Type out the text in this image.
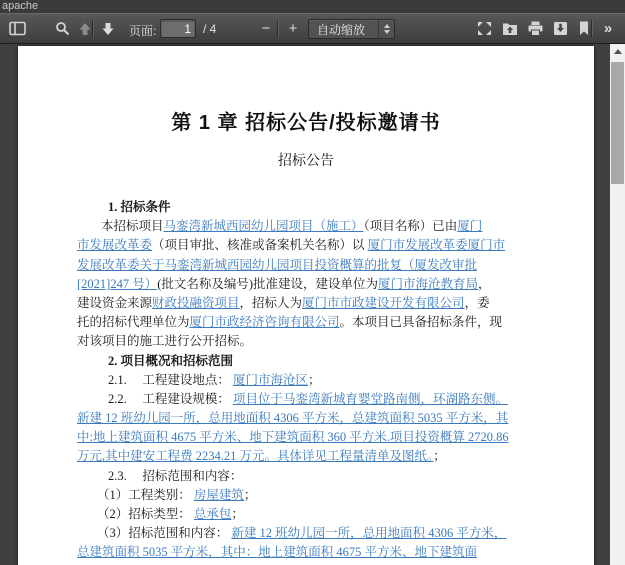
apache
页面:
1	/ 4	− +	自动缩放	»
第 1 章 招标公告/投标邀请书
招标公告
1. 招标条件
本招标项目马銮湾新城西园幼儿园项目（施工）（项目名称）已由厦门
市发展改革委（项目审批、核准或备案机关名称）以 厦门市发展改革委厦门市
发展改革委关于马銮湾新城西园幼儿园项目投资概算的批复（厦发改审批
[2021]247 号）(批文名称及编号)批准建设，建设单位为厦门市海沧教育局，
建设资金来源财政投融资项目，招标人为厦门市市政建设开发有限公司，委
托的招标代理单位为厦门市政经济咨询有限公司。本项目已具备招标条件，现
对该项目的施工进行公开招标。
2. 项目概况和招标范围
2.1.　 工程建设地点： 厦门市海沧区；
2.2.　 工程建设规模： 项目位于马銮湾新城育婴堂路南侧，环湖路东侧。
新建 12 班幼儿园一所，总用地面积 4306 平方米，总建筑面积 5035 平方米，其
中:地上建筑面积 4675 平方米、地下建筑面积 360 平方米.项目投资概算 2720.86
万元,其中建安工程费 2234.21 万元。具体详见工程量清单及图纸。；
2.3.　 招标范围和内容：
（1）工程类别： 房屋建筑；
（2）招标类型： 总承包；
（3）招标范围和内容： 新建 12 班幼儿园一所，总用地面积 4306 平方米，
总建筑面积 5035 平方米，其中：地上建筑面积 4675 平方米、地下建筑面
